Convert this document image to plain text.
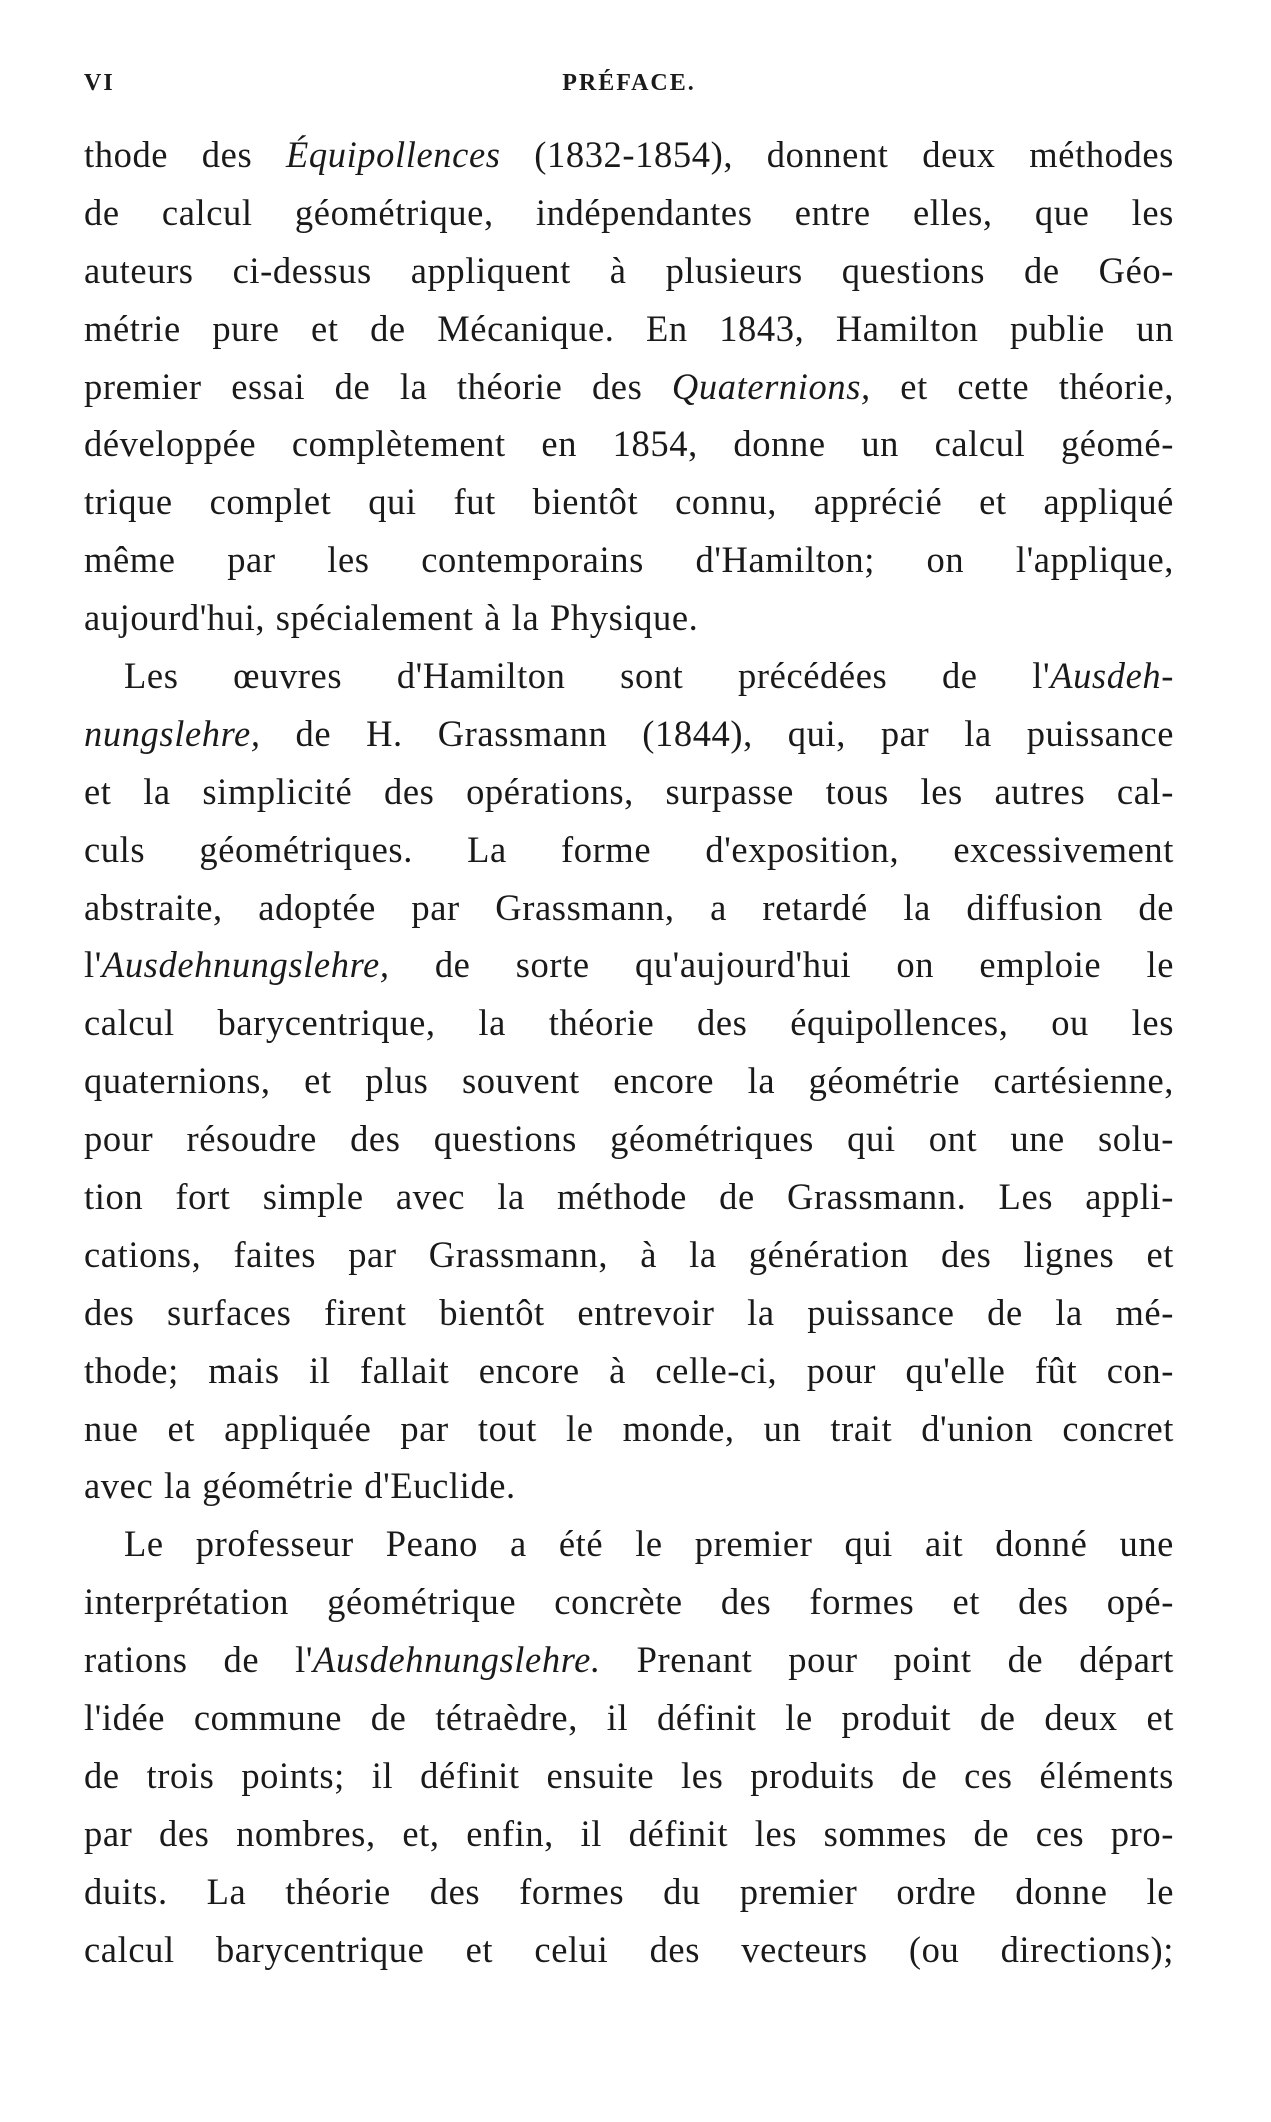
VI	PRÉFACE.
thode des Équipollences (1832-1854), donnent deux méthodes
de calcul géométrique, indépendantes entre elles, que les
auteurs ci-dessus appliquent à plusieurs questions de Géo-
métrie pure et de Mécanique. En 1843, Hamilton publie un
premier essai de la théorie des Quaternions, et cette théorie,
développée complètement en 1854, donne un calcul géomé-
trique complet qui fut bientôt connu, apprécié et appliqué
même par les contemporains d'Hamilton; on l'applique,
aujourd'hui, spécialement à la Physique.
Les œuvres d'Hamilton sont précédées de l'Ausdeh-
nungslehre, de H. Grassmann (1844), qui, par la puissance
et la simplicité des opérations, surpasse tous les autres cal-
culs géométriques. La forme d'exposition, excessivement
abstraite, adoptée par Grassmann, a retardé la diffusion de
l'Ausdehnungslehre, de sorte qu'aujourd'hui on emploie le
calcul barycentrique, la théorie des équipollences, ou les
quaternions, et plus souvent encore la géométrie cartésienne,
pour résoudre des questions géométriques qui ont une solu-
tion fort simple avec la méthode de Grassmann. Les appli-
cations, faites par Grassmann, à la génération des lignes et
des surfaces firent bientôt entrevoir la puissance de la mé-
thode; mais il fallait encore à celle-ci, pour qu'elle fût con-
nue et appliquée par tout le monde, un trait d'union concret
avec la géométrie d'Euclide.
Le professeur Peano a été le premier qui ait donné une
interprétation géométrique concrète des formes et des opé-
rations de l'Ausdehnungslehre. Prenant pour point de départ
l'idée commune de tétraèdre, il définit le produit de deux et
de trois points; il définit ensuite les produits de ces éléments
par des nombres, et, enfin, il définit les sommes de ces pro-
duits. La théorie des formes du premier ordre donne le
calcul barycentrique et celui des vecteurs (ou directions);
